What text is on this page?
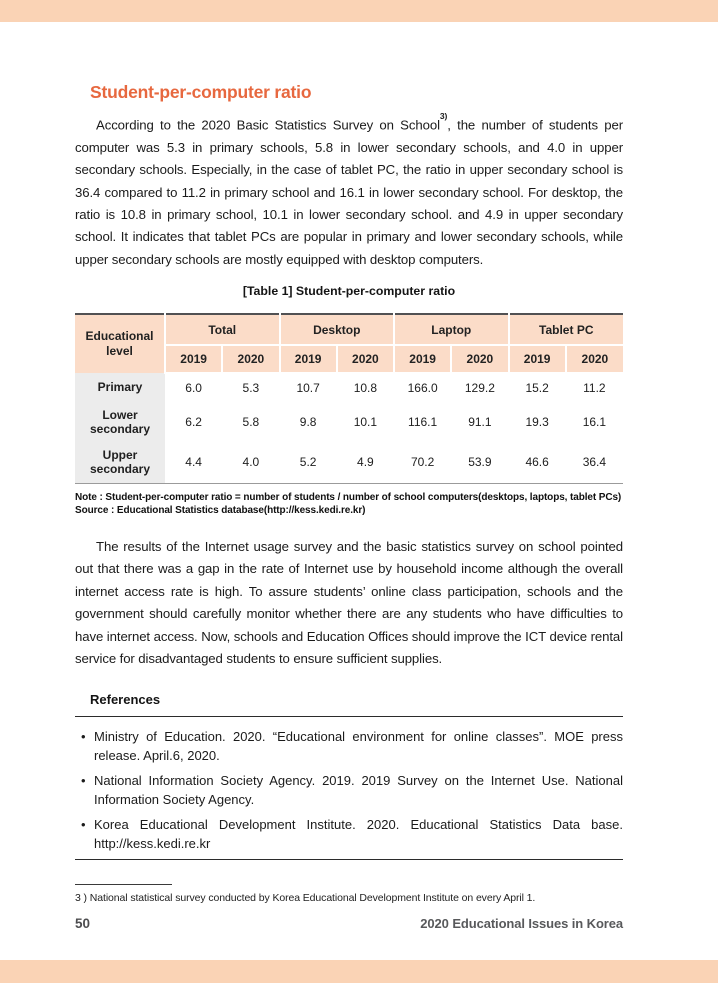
Student-per-computer ratio

According to the 2020 Basic Statistics Survey on School$^{3)}$, the number of students per computer was 5.3 in primary schools, 5.8 in lower secondary schools, and 4.0 in upper secondary schools. Especially, in the case of tablet PC, the ratio in upper secondary school is 36.4 compared to 11.2 in primary school and 16.1 in lower secondary school. For desktop, the ratio is 10.8 in primary school, 10.1 in lower secondary school. and 4.9 in upper secondary school. It indicates that tablet PCs are popular in primary and lower secondary schools, while upper secondary schools are mostly equipped with desktop computers.

[Table 1] Student-per-computer ratio
Educational level	Total		Desktop		Laptop		Tablet PC	
	2019	2020	2019	2020	2019	2020	2019	2020
Primary	6.0	5.3	10.7	10.8	166.0	129.2	15.2	11.2
Lower secondary	6.2	5.8	9.8	10.1	116.1	91.1	19.3	16.1
Upper secondary	4.4	4.0	5.2	4.9	70.2	53.9	46.6	36.4
Note : Student-per-computer ratio = number of students / number of school computers(desktops, laptops, tablet PCs)
Source : Educational Statistics database(http://kess.kedi.re.kr)

The results of the Internet usage survey and the basic statistics survey on school pointed out that there was a gap in the rate of Internet use by household income although the overall internet access rate is high. To assure students’ online class participation, schools and the government should carefully monitor whether there are any students who have difficulties to have internet access. Now, schools and Education Offices should improve the ICT device rental service for disadvantaged students to ensure sufficient supplies.

References
• Ministry of Education. 2020. “Educational environment for online classes”. MOE press release. April.6, 2020.
• National Information Society Agency. 2019. 2019 Survey on the Internet Use. National Information Society Agency.
• Korea Educational Development Institute. 2020. Educational Statistics Data base. http://kess.kedi.re.kr
3 ) National statistical survey conducted by Korea Educational Development Institute on every April 1.
50	2020 Educational Issues in Korea
